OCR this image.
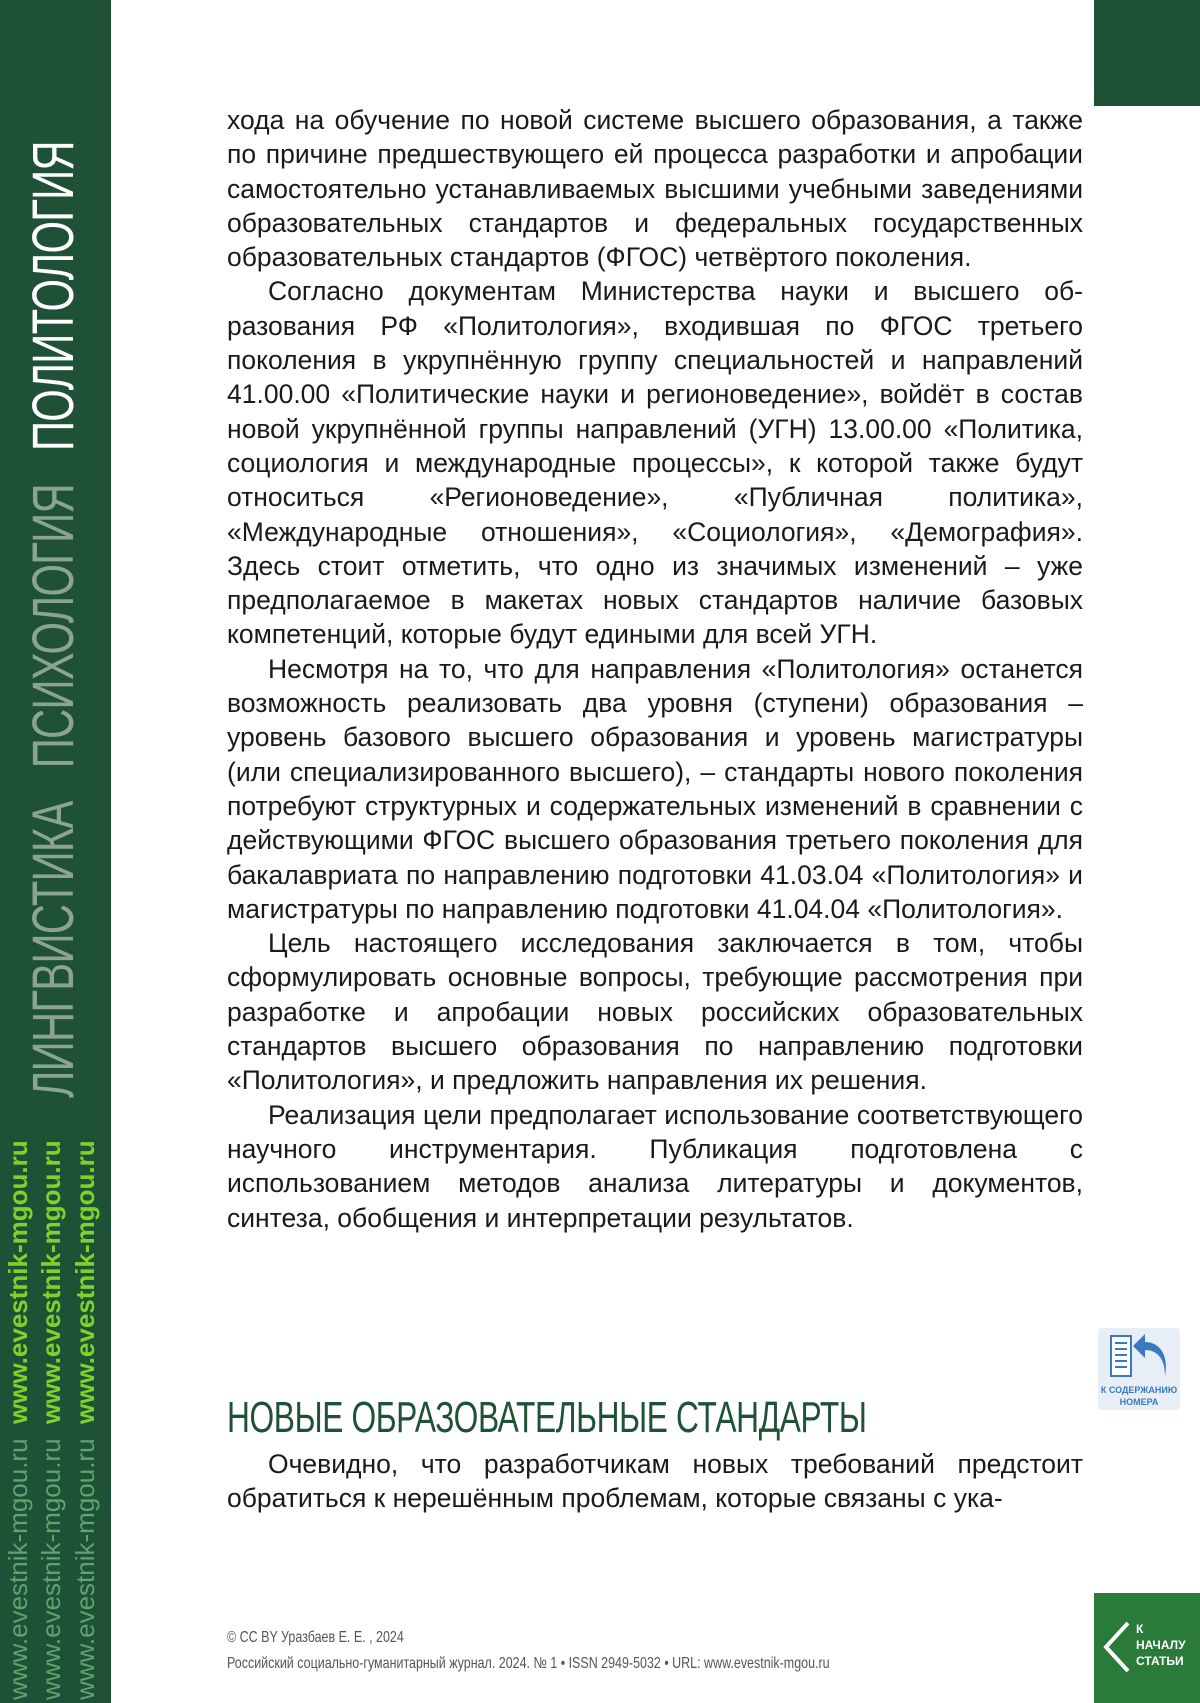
ЛИНГВИСТИКАПСИХОЛОГИЯПОЛИТОЛОГИЯ
www.evestnik-mgou.ru  www.evestnik-mgou.ru
www.evestnik-mgou.ru  www.evestnik-mgou.ru
www.evestnik-mgou.ru  www.evestnik-mgou.ru

хода на обучение по новой системе высшего образования, а также по причине предшествующего ей процесса разработки и апробации самостоятельно устанавливаемых высшими учебными заведениями образовательных стандартов и федеральных государственных образовательных стандартов (ФГОС) четвёртого поколения.

Согласно документам Министерства науки и высшего образования РФ «Политология», входившая по ФГОС третьего поколения в укрупнённую группу специальностей и направлений 41.00.00 «Политические науки и регионоведение», войdёт в состав новой укрупнённой группы направлений (УГН) 13.00.00 «Политика, социология и международные процессы», к которой также будут относиться «Регионоведение», «Публичная политика», «Международные отношения», «Социология», «Демография». Здесь стоит отметить, что одно из значимых изменений – уже предполагаемое в макетах новых стандартов наличие базовых компетенций, которые будут едиными для всей УГН.

Несмотря на то, что для направления «Политология» останется возможность реализовать два уровня (ступени) образования – уровень базового высшего образования и уровень магистратуры (или специализированного высшего), – стандарты нового поколения потребуют структурных и содержательных изменений в сравнении с действующими ФГОС высшего образования третьего поколения для бакалавриата по направлению подготовки 41.03.04 «Политология» и магистратуры по направлению подготовки 41.04.04 «Политология».

Цель настоящего исследования заключается в том, чтобы сформулировать основные вопросы, требующие рассмотрения при разработке и апробации новых российских образовательных стандартов высшего образования по направлению подготовки «Политология», и предложить направления их решения.

Реализация цели предполагает использование соответствующего научного инструментария. Публикация подготовлена с использованием методов анализа литературы и документов, синтеза, обобщения и интерпретации результатов.

НОВЫЕ ОБРАЗОВАТЕЛЬНЫЕ СТАНДАРТЫ

Очевидно, что разработчикам новых требований предстоит обратиться к нерешённым проблемам, которые связаны с ука-

К СОДЕРЖАНИЮ
НОМЕРА
К
НАЧАЛУ
СТАТЬИ
© CC BY Уразбаев Е. Е. , 2024
Российский социально-гуманитарный журнал. 2024. № 1 • ISSN 2949-5032 • URL: www.evestnik-mgou.ru
